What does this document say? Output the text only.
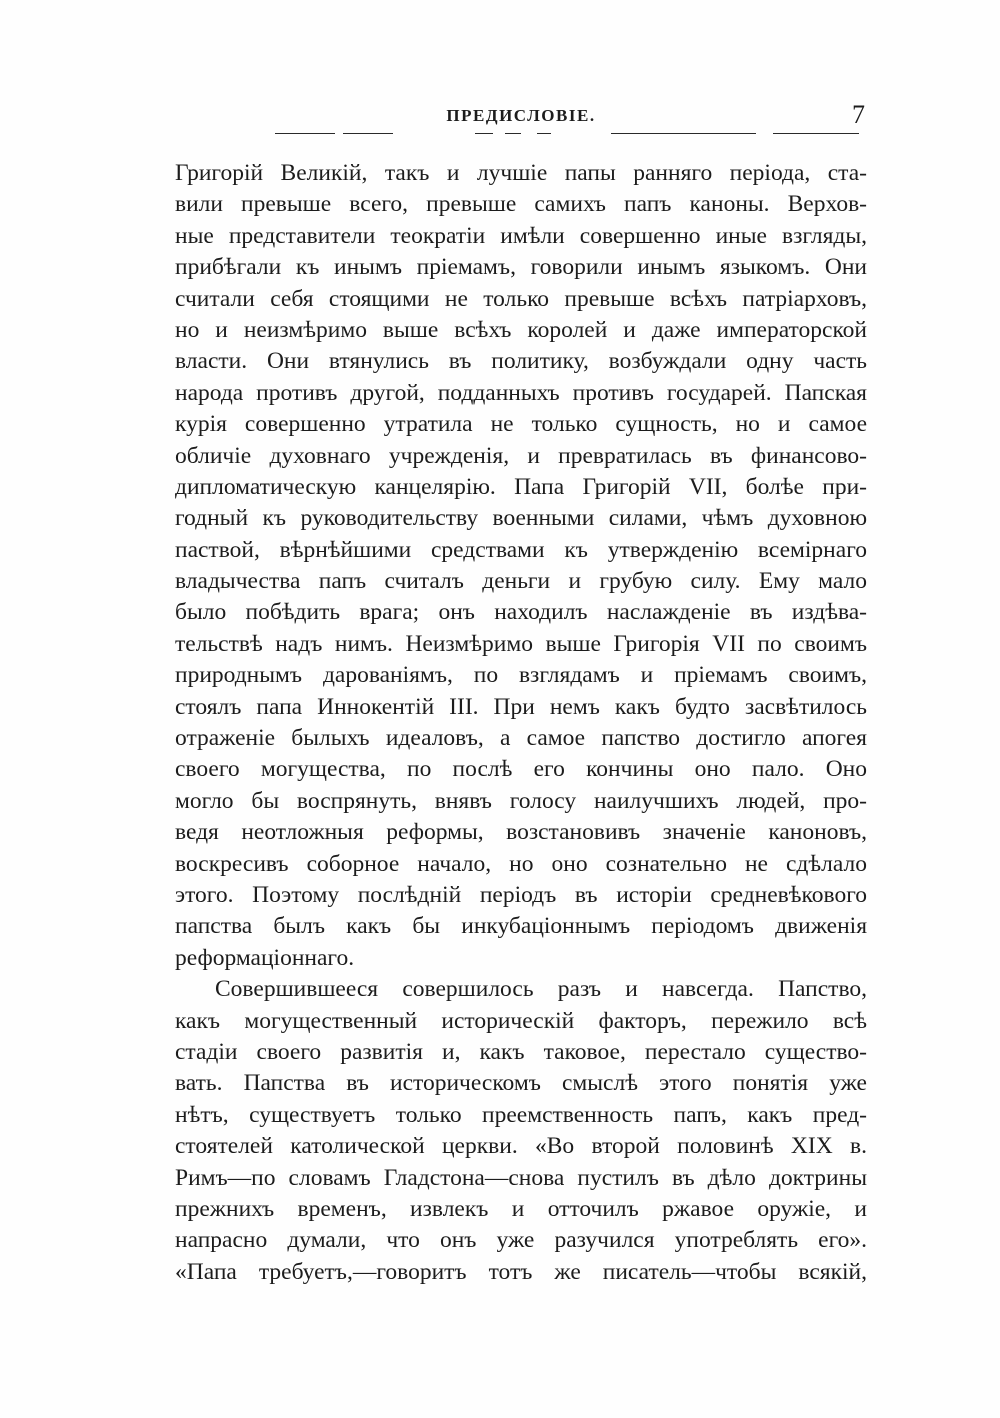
ПРЕДИСЛОВІЕ.	7
Григорій Великій, такъ и лучшіе папы ранняго періода, ста-
вили превыше всего, превыше самихъ папъ каноны. Верхов-
ные представители теократіи имѣли совершенно иные взгляды,
прибѣгали къ инымъ пріемамъ, говорили инымъ языкомъ. Они
считали себя стоящими не только превыше всѣхъ патріарховъ,
но и неизмѣримо выше всѣхъ королей и даже императорской
власти. Они втянулись въ политику, возбуждали одну часть
народа противъ другой, подданныхъ противъ государей. Папская
курія совершенно утратила не только сущность, но и самое
обличіе духовнаго учрежденія, и превратилась въ финансово-
дипломатическую канцелярію. Папа Григорій VII, болѣе при-
годный къ руководительству военными силами, чѣмъ духовною
паствой, вѣрнѣйшими средствами къ утвержденію всемірнаго
владычества папъ считалъ деньги и грубую силу. Ему мало
было побѣдить врага; онъ находилъ наслажденіе въ издѣва-
тельствѣ надъ нимъ. Неизмѣримо выше Григорія VII по своимъ
природнымъ дарованіямъ, по взглядамъ и пріемамъ своимъ,
стоялъ папа Иннокентій III. При немъ какъ будто засвѣтилось
отраженіе былыхъ идеаловъ, а самое папство достигло апогея
своего могущества, по послѣ его кончины оно пало. Оно
могло бы воспрянуть, внявъ голосу наилучшихъ людей, про-
ведя неотложныя реформы, возстановивъ значеніе каноновъ,
воскресивъ соборное начало, но оно сознательно не сдѣлало
этого. Поэтому послѣдній періодъ въ исторіи средневѣкового
папства былъ какъ бы инкубаціоннымъ періодомъ движенія
реформаціоннаго.
Совершившееся совершилось разъ и навсегда. Папство,
какъ могущественный историческій факторъ, пережило всѣ
стадіи своего развитія и, какъ таковое, перестало существо-
вать. Папства въ историческомъ смыслѣ этого понятія уже
нѣтъ, существуетъ только преемственность папъ, какъ пред-
стоятелей католической церкви. «Во второй половинѣ XIX в.
Римъ—по словамъ Гладстона—снова пустилъ въ дѣло доктрины
прежнихъ временъ, извлекъ и отточилъ ржавое оружіе, и
напрасно думали, что онъ уже разучился употреблять его».
«Папа требуетъ,—говоритъ тотъ же писатель—чтобы всякій,
